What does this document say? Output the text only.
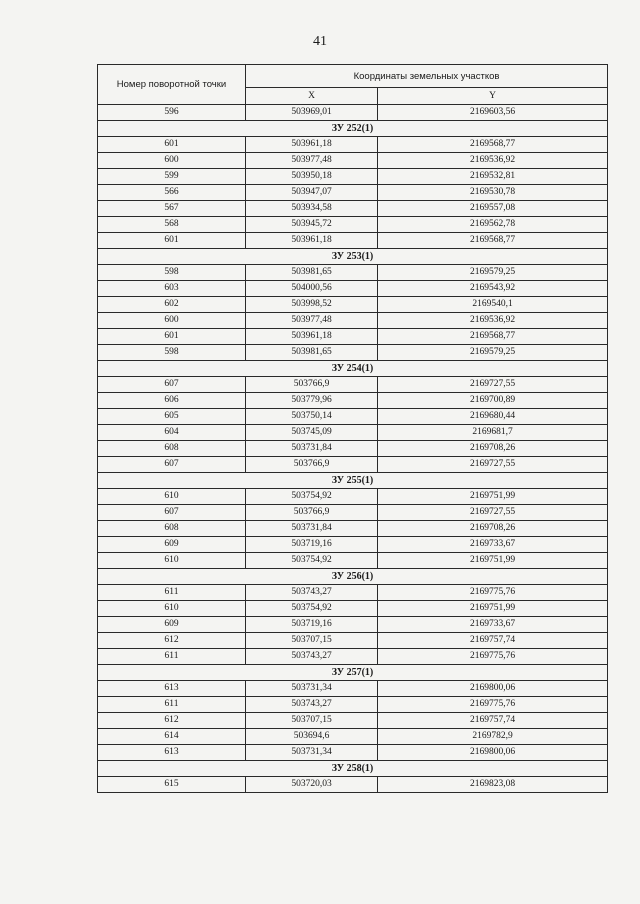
41
Номер поворотной точки	Координаты земельных участков	
	X	Y
596	503969,01	2169603,56
ЗУ 252(1)		
601	503961,18	2169568,77
600	503977,48	2169536,92
599	503950,18	2169532,81
566	503947,07	2169530,78
567	503934,58	2169557,08
568	503945,72	2169562,78
601	503961,18	2169568,77
ЗУ 253(1)		
598	503981,65	2169579,25
603	504000,56	2169543,92
602	503998,52	2169540,1
600	503977,48	2169536,92
601	503961,18	2169568,77
598	503981,65	2169579,25
ЗУ 254(1)		
607	503766,9	2169727,55
606	503779,96	2169700,89
605	503750,14	2169680,44
604	503745,09	2169681,7
608	503731,84	2169708,26
607	503766,9	2169727,55
ЗУ 255(1)		
610	503754,92	2169751,99
607	503766,9	2169727,55
608	503731,84	2169708,26
609	503719,16	2169733,67
610	503754,92	2169751,99
ЗУ 256(1)		
611	503743,27	2169775,76
610	503754,92	2169751,99
609	503719,16	2169733,67
612	503707,15	2169757,74
611	503743,27	2169775,76
ЗУ 257(1)		
613	503731,34	2169800,06
611	503743,27	2169775,76
612	503707,15	2169757,74
614	503694,6	2169782,9
613	503731,34	2169800,06
ЗУ 258(1)		
615	503720,03	2169823,08
